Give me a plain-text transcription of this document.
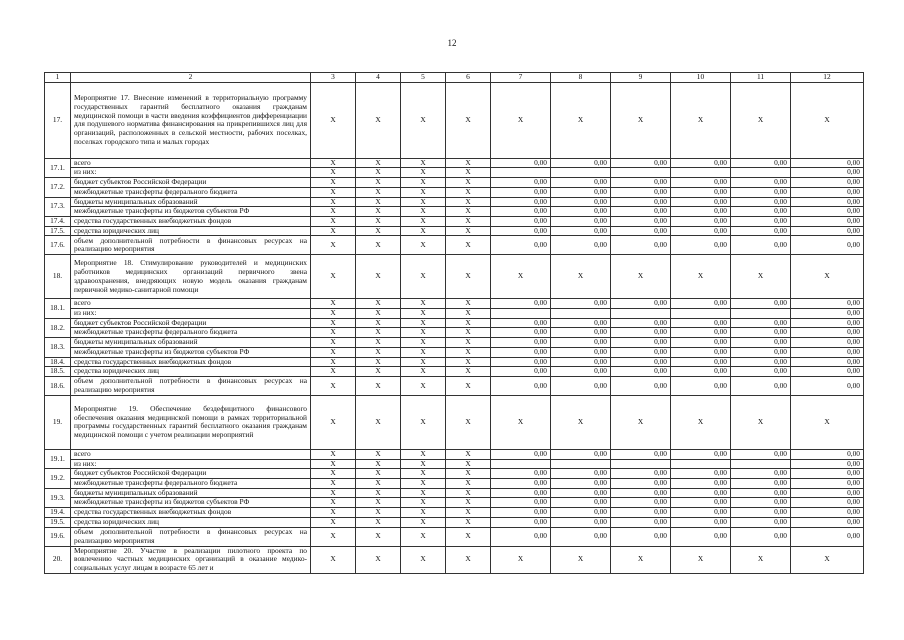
12
1	2	3	4	5	6	7	8	9	10	11	12
17.	Мероприятие 17. Внесение изменений в территориальную программу государственных гарантий бесплатного оказания гражданам медицинской помощи в части введения коэффициентов дифференциации для подушевого норматива финансирования на прикрепившихся лиц для организаций, расположенных в сельской местности, рабочих поселках, поселках городского типа и малых городах	X	X	X	X	X	X	X	X	X	X
17.1.	всего	X	X	X	X	0,00	0,00	0,00	0,00	0,00	0,00
	из них:	X	X	X	X						0,00
17.2.	бюджет субъектов Российской Федерации	X	X	X	X	0,00	0,00	0,00	0,00	0,00	0,00
	межбюджетные трансферты федерального бюджета	X	X	X	X	0,00	0,00	0,00	0,00	0,00	0,00
17.3.	бюджеты муниципальных образований	X	X	X	X	0,00	0,00	0,00	0,00	0,00	0,00
	межбюджетные трансферты из бюджетов субъектов РФ	X	X	X	X	0,00	0,00	0,00	0,00	0,00	0,00
17.4.	средства государственных внебюджетных фондов	X	X	X	X	0,00	0,00	0,00	0,00	0,00	0,00
17.5.	средства юридических лиц	X	X	X	X	0,00	0,00	0,00	0,00	0,00	0,00
17.6.	объем дополнительной потребности в финансовых ресурсах на реализацию мероприятия	X	X	X	X	0,00	0,00	0,00	0,00	0,00	0,00
18.	Мероприятие 18. Стимулирование руководителей и медицинских работников медицинских организаций первичного звена здравоохранения, внедряющих новую модель оказания гражданам первичной медико-санитарной помощи	X	X	X	X	X	X	X	X	X	X
18.1.	всего	X	X	X	X	0,00	0,00	0,00	0,00	0,00	0,00
	из них:	X	X	X	X						0,00
18.2.	бюджет субъектов Российской Федерации	X	X	X	X	0,00	0,00	0,00	0,00	0,00	0,00
	межбюджетные трансферты федерального бюджета	X	X	X	X	0,00	0,00	0,00	0,00	0,00	0,00
18.3.	бюджеты муниципальных образований	X	X	X	X	0,00	0,00	0,00	0,00	0,00	0,00
	межбюджетные трансферты из бюджетов субъектов РФ	X	X	X	X	0,00	0,00	0,00	0,00	0,00	0,00
18.4.	средства государственных внебюджетных фондов	X	X	X	X	0,00	0,00	0,00	0,00	0,00	0,00
18.5.	средства юридических лиц	X	X	X	X	0,00	0,00	0,00	0,00	0,00	0,00
18.6.	объем дополнительной потребности в финансовых ресурсах на реализацию мероприятия	X	X	X	X	0,00	0,00	0,00	0,00	0,00	0,00
19.	Мероприятие 19. Обеспечение бездефицитного финансового обеспечения оказания медицинской помощи в рамках территориальной программы государственных гарантий бесплатного оказания гражданам медицинской помощи с учетом реализации мероприятий	X	X	X	X	X	X	X	X	X	X
19.1.	всего	X	X	X	X	0,00	0,00	0,00	0,00	0,00	0,00
	из них:	X	X	X	X						0,00
19.2.	бюджет субъектов Российской Федерации	X	X	X	X	0,00	0,00	0,00	0,00	0,00	0,00
	межбюджетные трансферты федерального бюджета	X	X	X	X	0,00	0,00	0,00	0,00	0,00	0,00
19.3.	бюджеты муниципальных образований	X	X	X	X	0,00	0,00	0,00	0,00	0,00	0,00
	межбюджетные трансферты из бюджетов субъектов РФ	X	X	X	X	0,00	0,00	0,00	0,00	0,00	0,00
19.4.	средства государственных внебюджетных фондов	X	X	X	X	0,00	0,00	0,00	0,00	0,00	0,00
19.5.	средства юридических лиц	X	X	X	X	0,00	0,00	0,00	0,00	0,00	0,00
19.6.	объем дополнительной потребности в финансовых ресурсах на реализацию мероприятия	X	X	X	X	0,00	0,00	0,00	0,00	0,00	0,00
20.	Мероприятие 20. Участие в реализации пилотного проекта по вовлечению частных медицинских организаций в оказание медико-социальных услуг лицам в возрасте 65 лет и	X	X	X	X	X	X	X	X	X	X
